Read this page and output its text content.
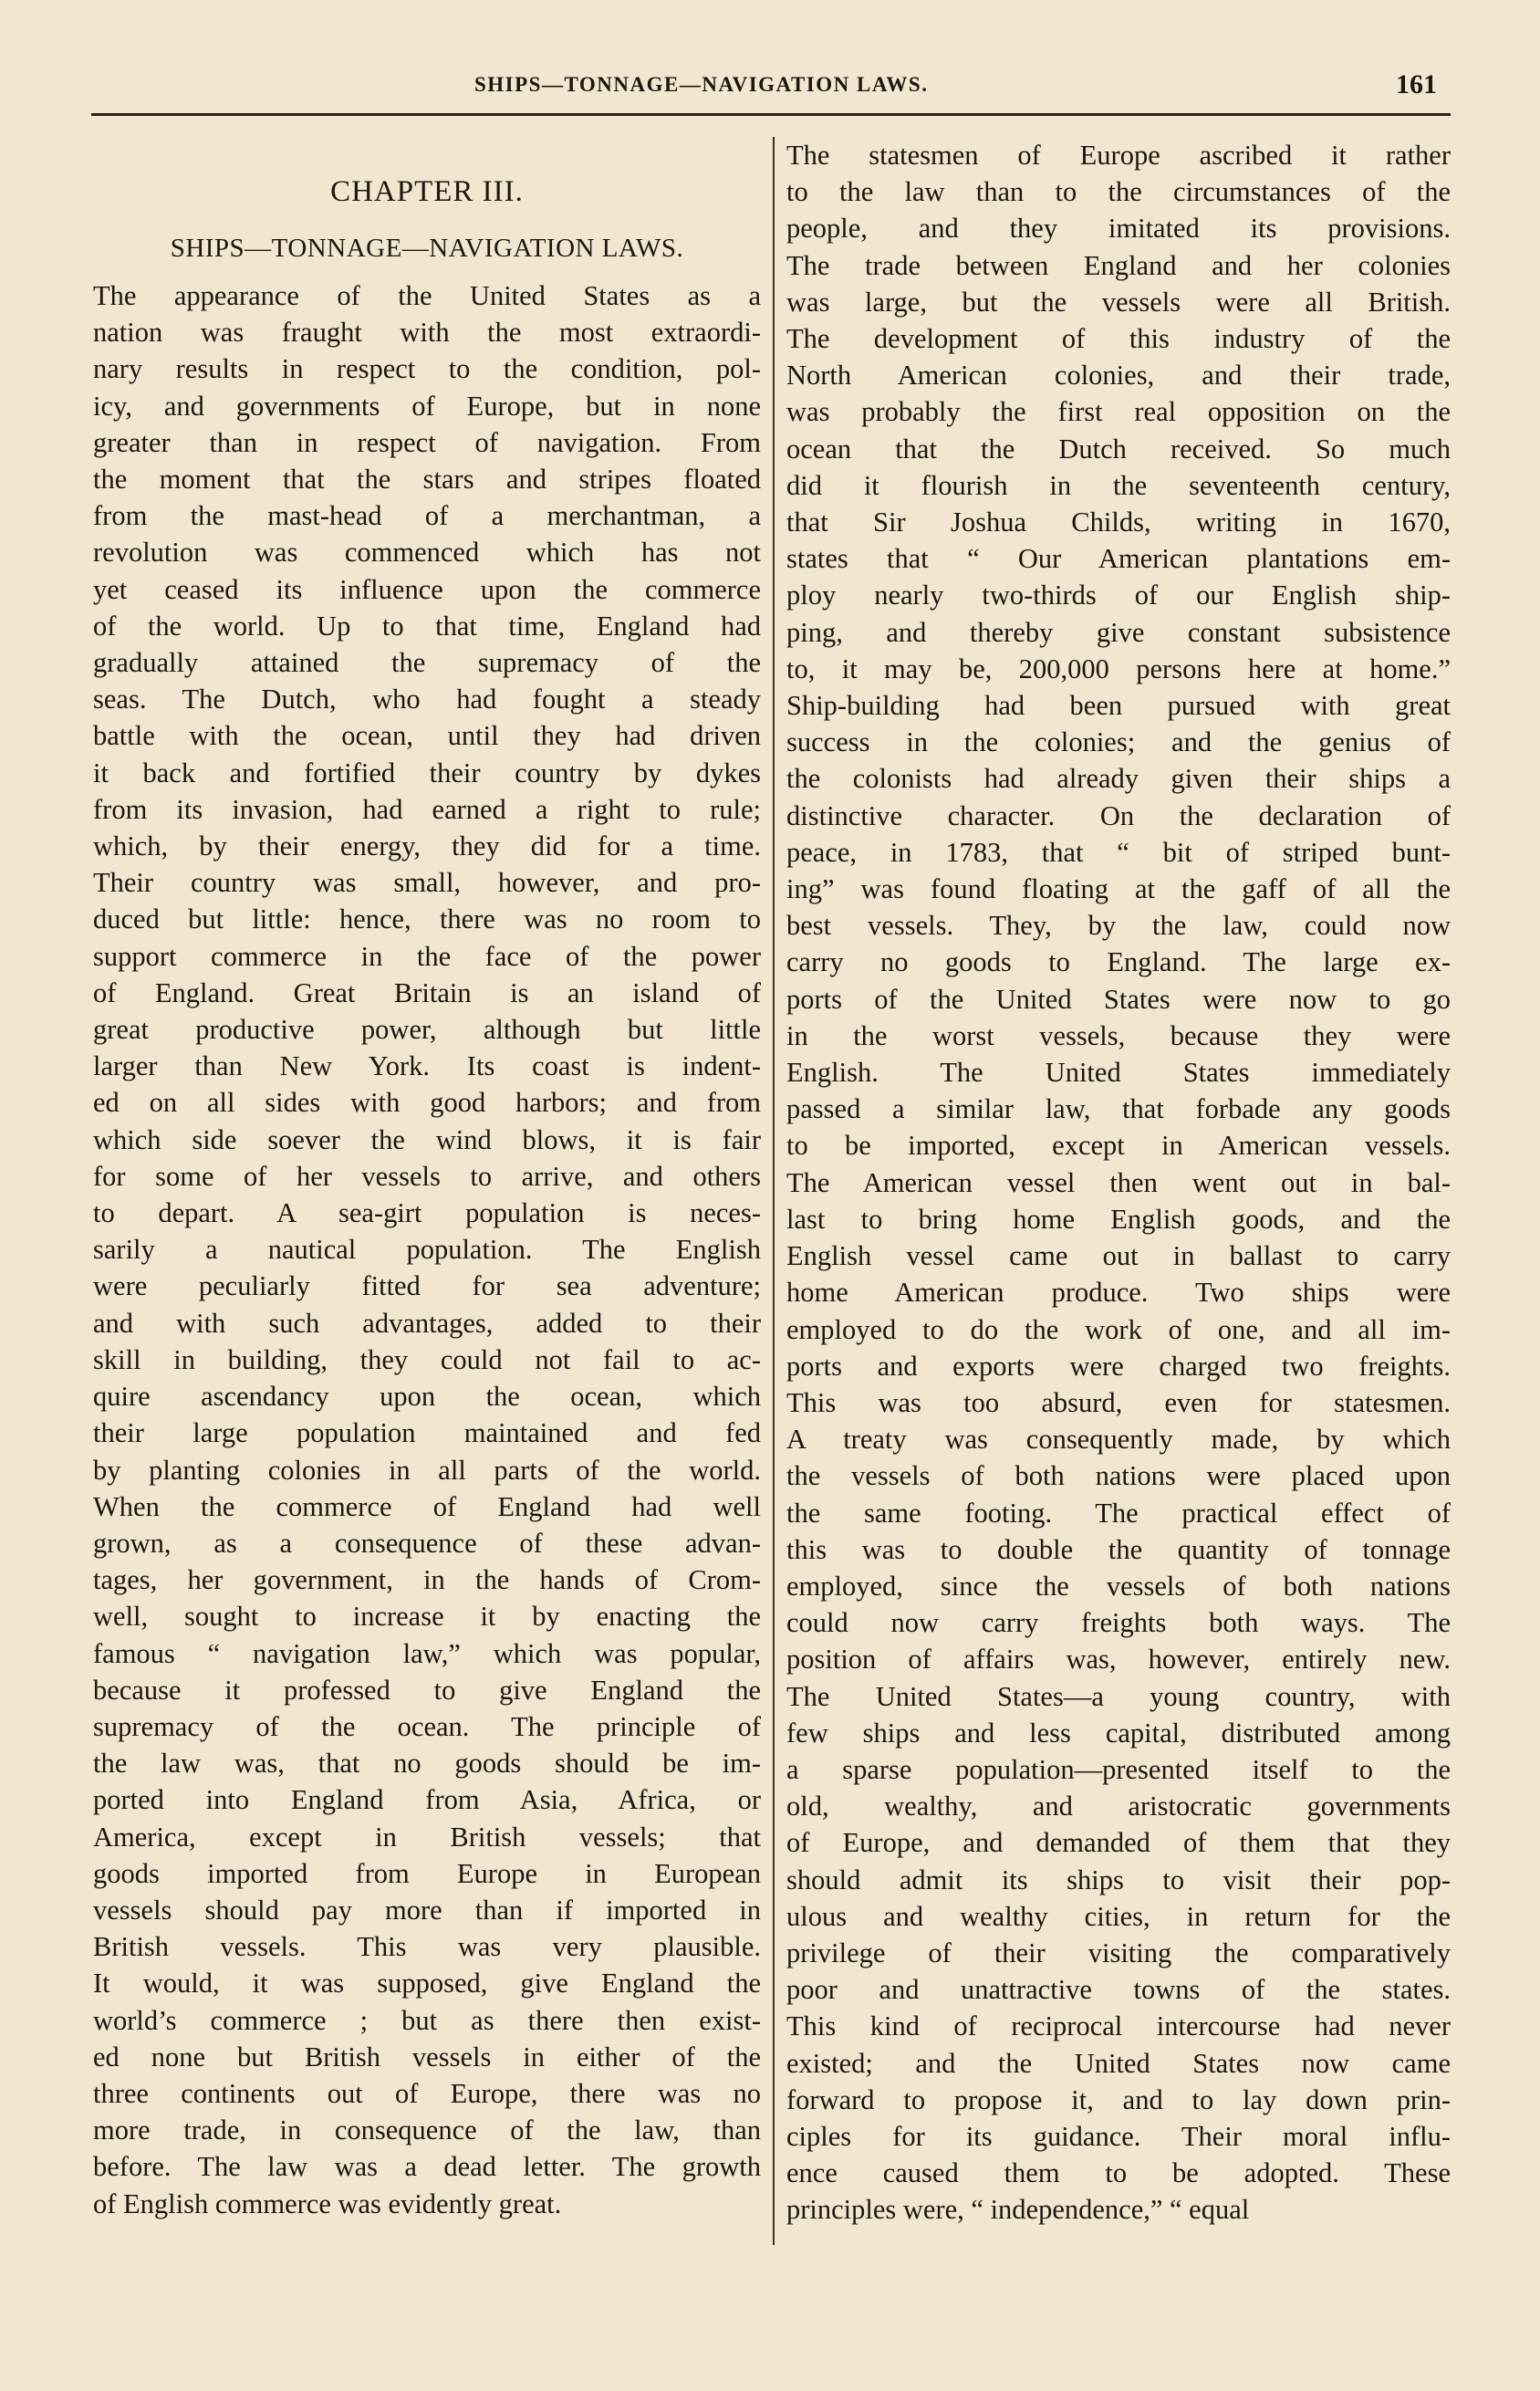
SHIPS—TONNAGE—NAVIGATION LAWS.	161
CHAPTER III.
SHIPS—TONNAGE—NAVIGATION LAWS.
The appearance of the United States as a
nation was fraught with the most extraordi-
nary results in respect to the condition, pol-
icy, and governments of Europe, but in none
greater than in respect of navigation. From
the moment that the stars and stripes floated
from the mast-head of a merchantman, a
revolution was commenced which has not
yet ceased its influence upon the commerce
of the world. Up to that time, England had
gradually attained the supremacy of the
seas. The Dutch, who had fought a steady
battle with the ocean, until they had driven
it back and fortified their country by dykes
from its invasion, had earned a right to rule;
which, by their energy, they did for a time.
Their country was small, however, and pro-
duced but little: hence, there was no room to
support commerce in the face of the power
of England. Great Britain is an island of
great productive power, although but little
larger than New York. Its coast is indent-
ed on all sides with good harbors; and from
which side soever the wind blows, it is fair
for some of her vessels to arrive, and others
to depart. A sea-girt population is neces-
sarily a nautical population. The English
were peculiarly fitted for sea adventure;
and with such advantages, added to their
skill in building, they could not fail to ac-
quire ascendancy upon the ocean, which
their large population maintained and fed
by planting colonies in all parts of the world.
When the commerce of England had well
grown, as a consequence of these advan-
tages, her government, in the hands of Crom-
well, sought to increase it by enacting the
famous “ navigation law,” which was popular,
because it professed to give England the
supremacy of the ocean. The principle of
the law was, that no goods should be im-
ported into England from Asia, Africa, or
America, except in British vessels; that
goods imported from Europe in European
vessels should pay more than if imported in
British vessels. This was very plausible.
It would, it was supposed, give England the
world’s commerce ; but as there then exist-
ed none but British vessels in either of the
three continents out of Europe, there was no
more trade, in consequence of the law, than
before. The law was a dead letter. The growth
of English commerce was evidently great.
The statesmen of Europe ascribed it rather
to the law than to the circumstances of the
people, and they imitated its provisions.
The trade between England and her colonies
was large, but the vessels were all British.
The development of this industry of the
North American colonies, and their trade,
was probably the first real opposition on the
ocean that the Dutch received. So much
did it flourish in the seventeenth century,
that Sir Joshua Childs, writing in 1670,
states that “ Our American plantations em-
ploy nearly two-thirds of our English ship-
ping, and thereby give constant subsistence
to, it may be, 200,000 persons here at home.”
Ship-building had been pursued with great
success in the colonies; and the genius of
the colonists had already given their ships a
distinctive character. On the declaration of
peace, in 1783, that “ bit of striped bunt-
ing” was found floating at the gaff of all the
best vessels. They, by the law, could now
carry no goods to England. The large ex-
ports of the United States were now to go
in the worst vessels, because they were
English. The United States immediately
passed a similar law, that forbade any goods
to be imported, except in American vessels.
The American vessel then went out in bal-
last to bring home English goods, and the
English vessel came out in ballast to carry
home American produce. Two ships were
employed to do the work of one, and all im-
ports and exports were charged two freights.
This was too absurd, even for statesmen.
A treaty was consequently made, by which
the vessels of both nations were placed upon
the same footing. The practical effect of
this was to double the quantity of tonnage
employed, since the vessels of both nations
could now carry freights both ways. The
position of affairs was, however, entirely new.
The United States—a young country, with
few ships and less capital, distributed among
a sparse population—presented itself to the
old, wealthy, and aristocratic governments
of Europe, and demanded of them that they
should admit its ships to visit their pop-
ulous and wealthy cities, in return for the
privilege of their visiting the comparatively
poor and unattractive towns of the states.
This kind of reciprocal intercourse had never
existed; and the United States now came
forward to propose it, and to lay down prin-
ciples for its guidance. Their moral influ-
ence caused them to be adopted. These
principles were, “ independence,” “ equal
